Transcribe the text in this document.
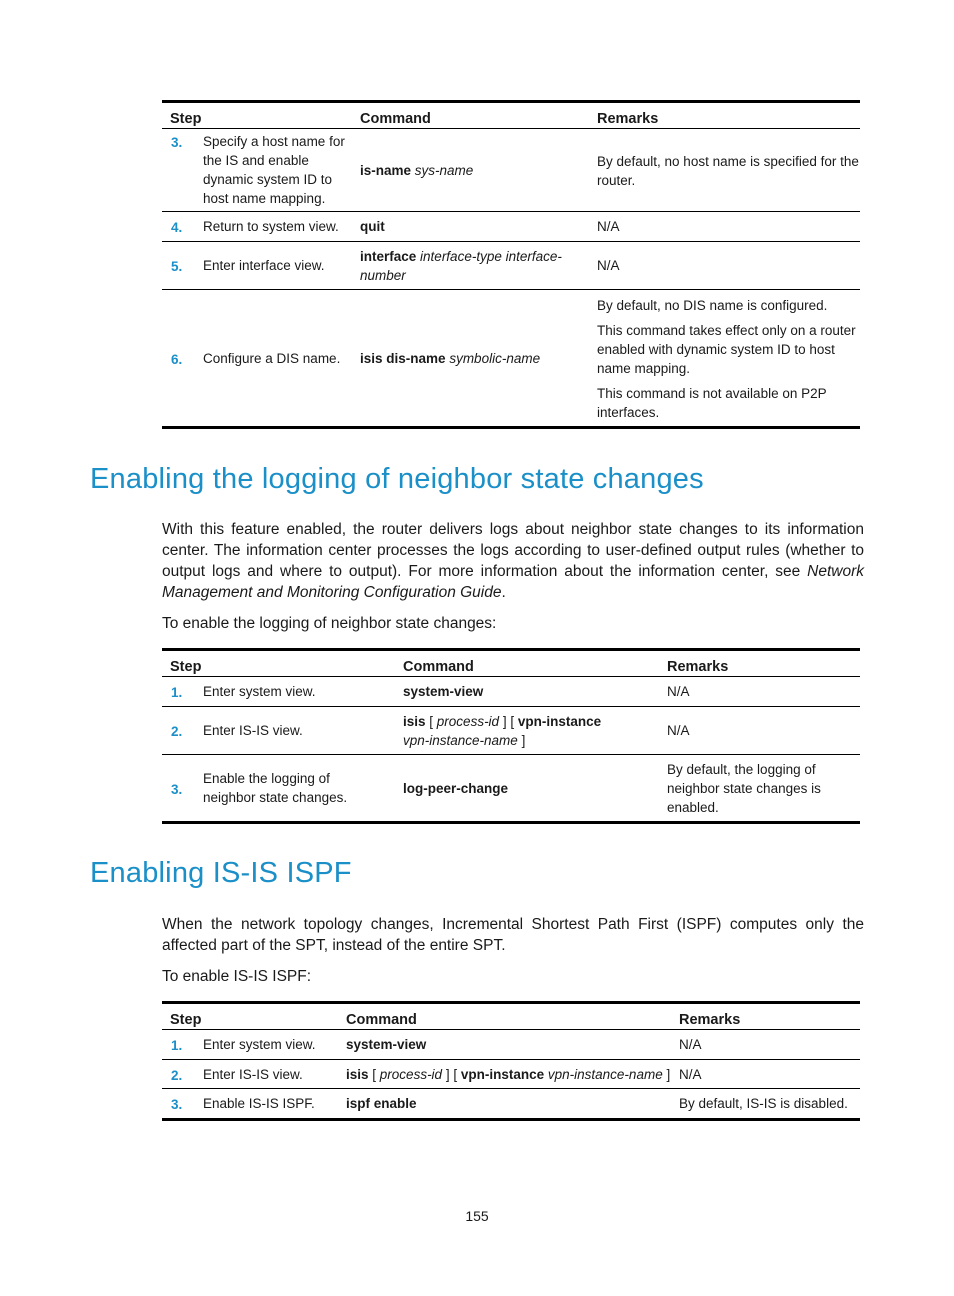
Step		Command	Remarks
3.	Specify a host name for the IS and enable dynamic system ID to host name mapping.	is-name sys-name	By default, no host name is specified for the router.

4.	Return to system view.	quit	N/A
5.	Enter interface view.	interface interface-type interface-number	N/A
6.	Configure a DIS name.	isis dis-name symbolic-name	By default, no DIS name is configured.

This command takes effect only on a router enabled with dynamic system ID to host name mapping.

This command is not available on P2P interfaces.

Enabling the logging of neighbor state changes

With this feature enabled, the router delivers logs about neighbor state changes to its information center. The information center processes the logs according to user-defined output rules (whether to output logs and where to output). For more information about the information center, see Network Management and Monitoring Configuration Guide.

To enable the logging of neighbor state changes:

Step		Command	Remarks
1.	Enter system view.	system-view	N/A
2.	Enter IS-IS view.	isis [ process-id ] [ vpn-instance
vpn-instance-name ]	N/A
3.	Enable the logging of neighbor state changes.	log-peer-change	By default, the logging of neighbor state changes is enabled.
Enabling IS-IS ISPF

When the network topology changes, Incremental Shortest Path First (ISPF) computes only the affected part of the SPT, instead of the entire SPT.

To enable IS-IS ISPF:

Step		Command	Remarks
1.	Enter system view.	system-view	N/A
2.	Enter IS-IS view.	isis [ process-id ] [ vpn-instance vpn-instance-name ]	N/A
3.	Enable IS-IS ISPF.	ispf enable	By default, IS-IS is disabled.
155
